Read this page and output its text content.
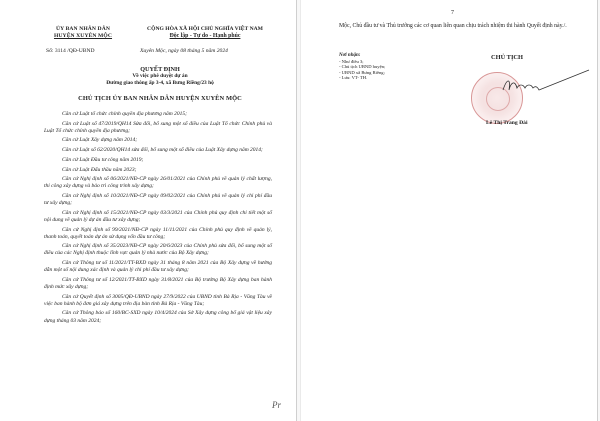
ỦY BAN NHÂN DÂN
HUYỆN XUYÊN MỘC
Số: 3114 /QĐ-UBND
CỘNG HÒA XÃ HỘI CHỦ NGHĨA VIỆT NAM
Độc lập - Tự do - Hạnh phúc
Xuyên Mộc, ngày 08 tháng 5 năm 2024
QUYẾT ĐỊNH
Về việc phê duyệt dự án
Đường giao thông ấp 3-4, xã Bưng Riềng/23 hộ
CHỦ TỊCH ỦY BAN NHÂN DÂN HUYỆN XUYÊN MỘC

Căn cứ Luật tổ chức chính quyền địa phương năm 2015;

Căn cứ Luật số 47/2019/QH14 Sửa đổi, bổ sung một số điều của Luật Tổ chức Chính phủ và Luật Tổ chức chính quyền địa phương;

Căn cứ Luật Xây dựng năm 2014;

Căn cứ Luật số 62/2020/QH14 sửa đổi, bổ sung một số điều của Luật Xây dựng năm 2014;

Căn cứ Luật Đầu tư công năm 2019;

Căn cứ Luật Đấu thầu năm 2023;

Căn cứ Nghị định số 06/2021/NĐ-CP ngày 26/01/2021 của Chính phủ về quản lý chất lượng, thi công xây dựng và bảo trì công trình xây dựng;

Căn cứ Nghị định số 10/2021/NĐ-CP ngày 09/02/2021 của Chính phủ về quản lý chi phí đầu tư xây dựng;

Căn cứ Nghị định số 15/2021/NĐ-CP ngày 03/3/2021 của Chính phủ quy định chi tiết một số nội dung về quản lý dự án đầu tư xây dựng;

Căn cứ Nghị định số 99/2021/NĐ-CP ngày 11/11/2021 của Chính phủ quy định về quản lý, thanh toán, quyết toán dự án sử dụng vốn đầu tư công;

Căn cứ Nghị định số 35/2023/NĐ-CP ngày 20/6/2023 của Chính phủ sửa đổi, bổ sung một số điều của các Nghị định thuộc lĩnh vực quản lý nhà nước của Bộ Xây dựng;

Căn cứ Thông tư số 11/2021/TT-BXD ngày 31 tháng 8 năm 2021 của Bộ Xây dựng về hướng dẫn một số nội dung xác định và quản lý chi phí đầu tư xây dựng;

Căn cứ Thông tư số 12/2021/TT-BXD ngày 31/8/2021 của Bộ trưởng Bộ Xây dựng ban hành định mức xây dựng;

Căn cứ Quyết định số 3005/QĐ-UBND ngày 27/9/2022 của UBND tỉnh Bà Rịa - Vũng Tàu về việc ban hành bộ đơn giá xây dựng trên địa bàn tỉnh Bà Rịa - Vũng Tàu;

Căn cứ Thông báo số 160/BC-SXD ngày 10/4/2024 của Sở Xây dựng công bố giá vật liệu xây dựng tháng 03 năm 2024;

Pr
7
Mộc, Chủ đầu tư và Thủ trưởng các cơ quan liên quan chịu trách nhiệm thi hành Quyết định này./.
Nơi nhận:
- Như điều 3;
- Chủ tịch UBND huyện;
- UBND xã Bưng Riềng;
- Lưu: VT- TH.
CHỦ TỊCH
Lê Thị Trang Đài
